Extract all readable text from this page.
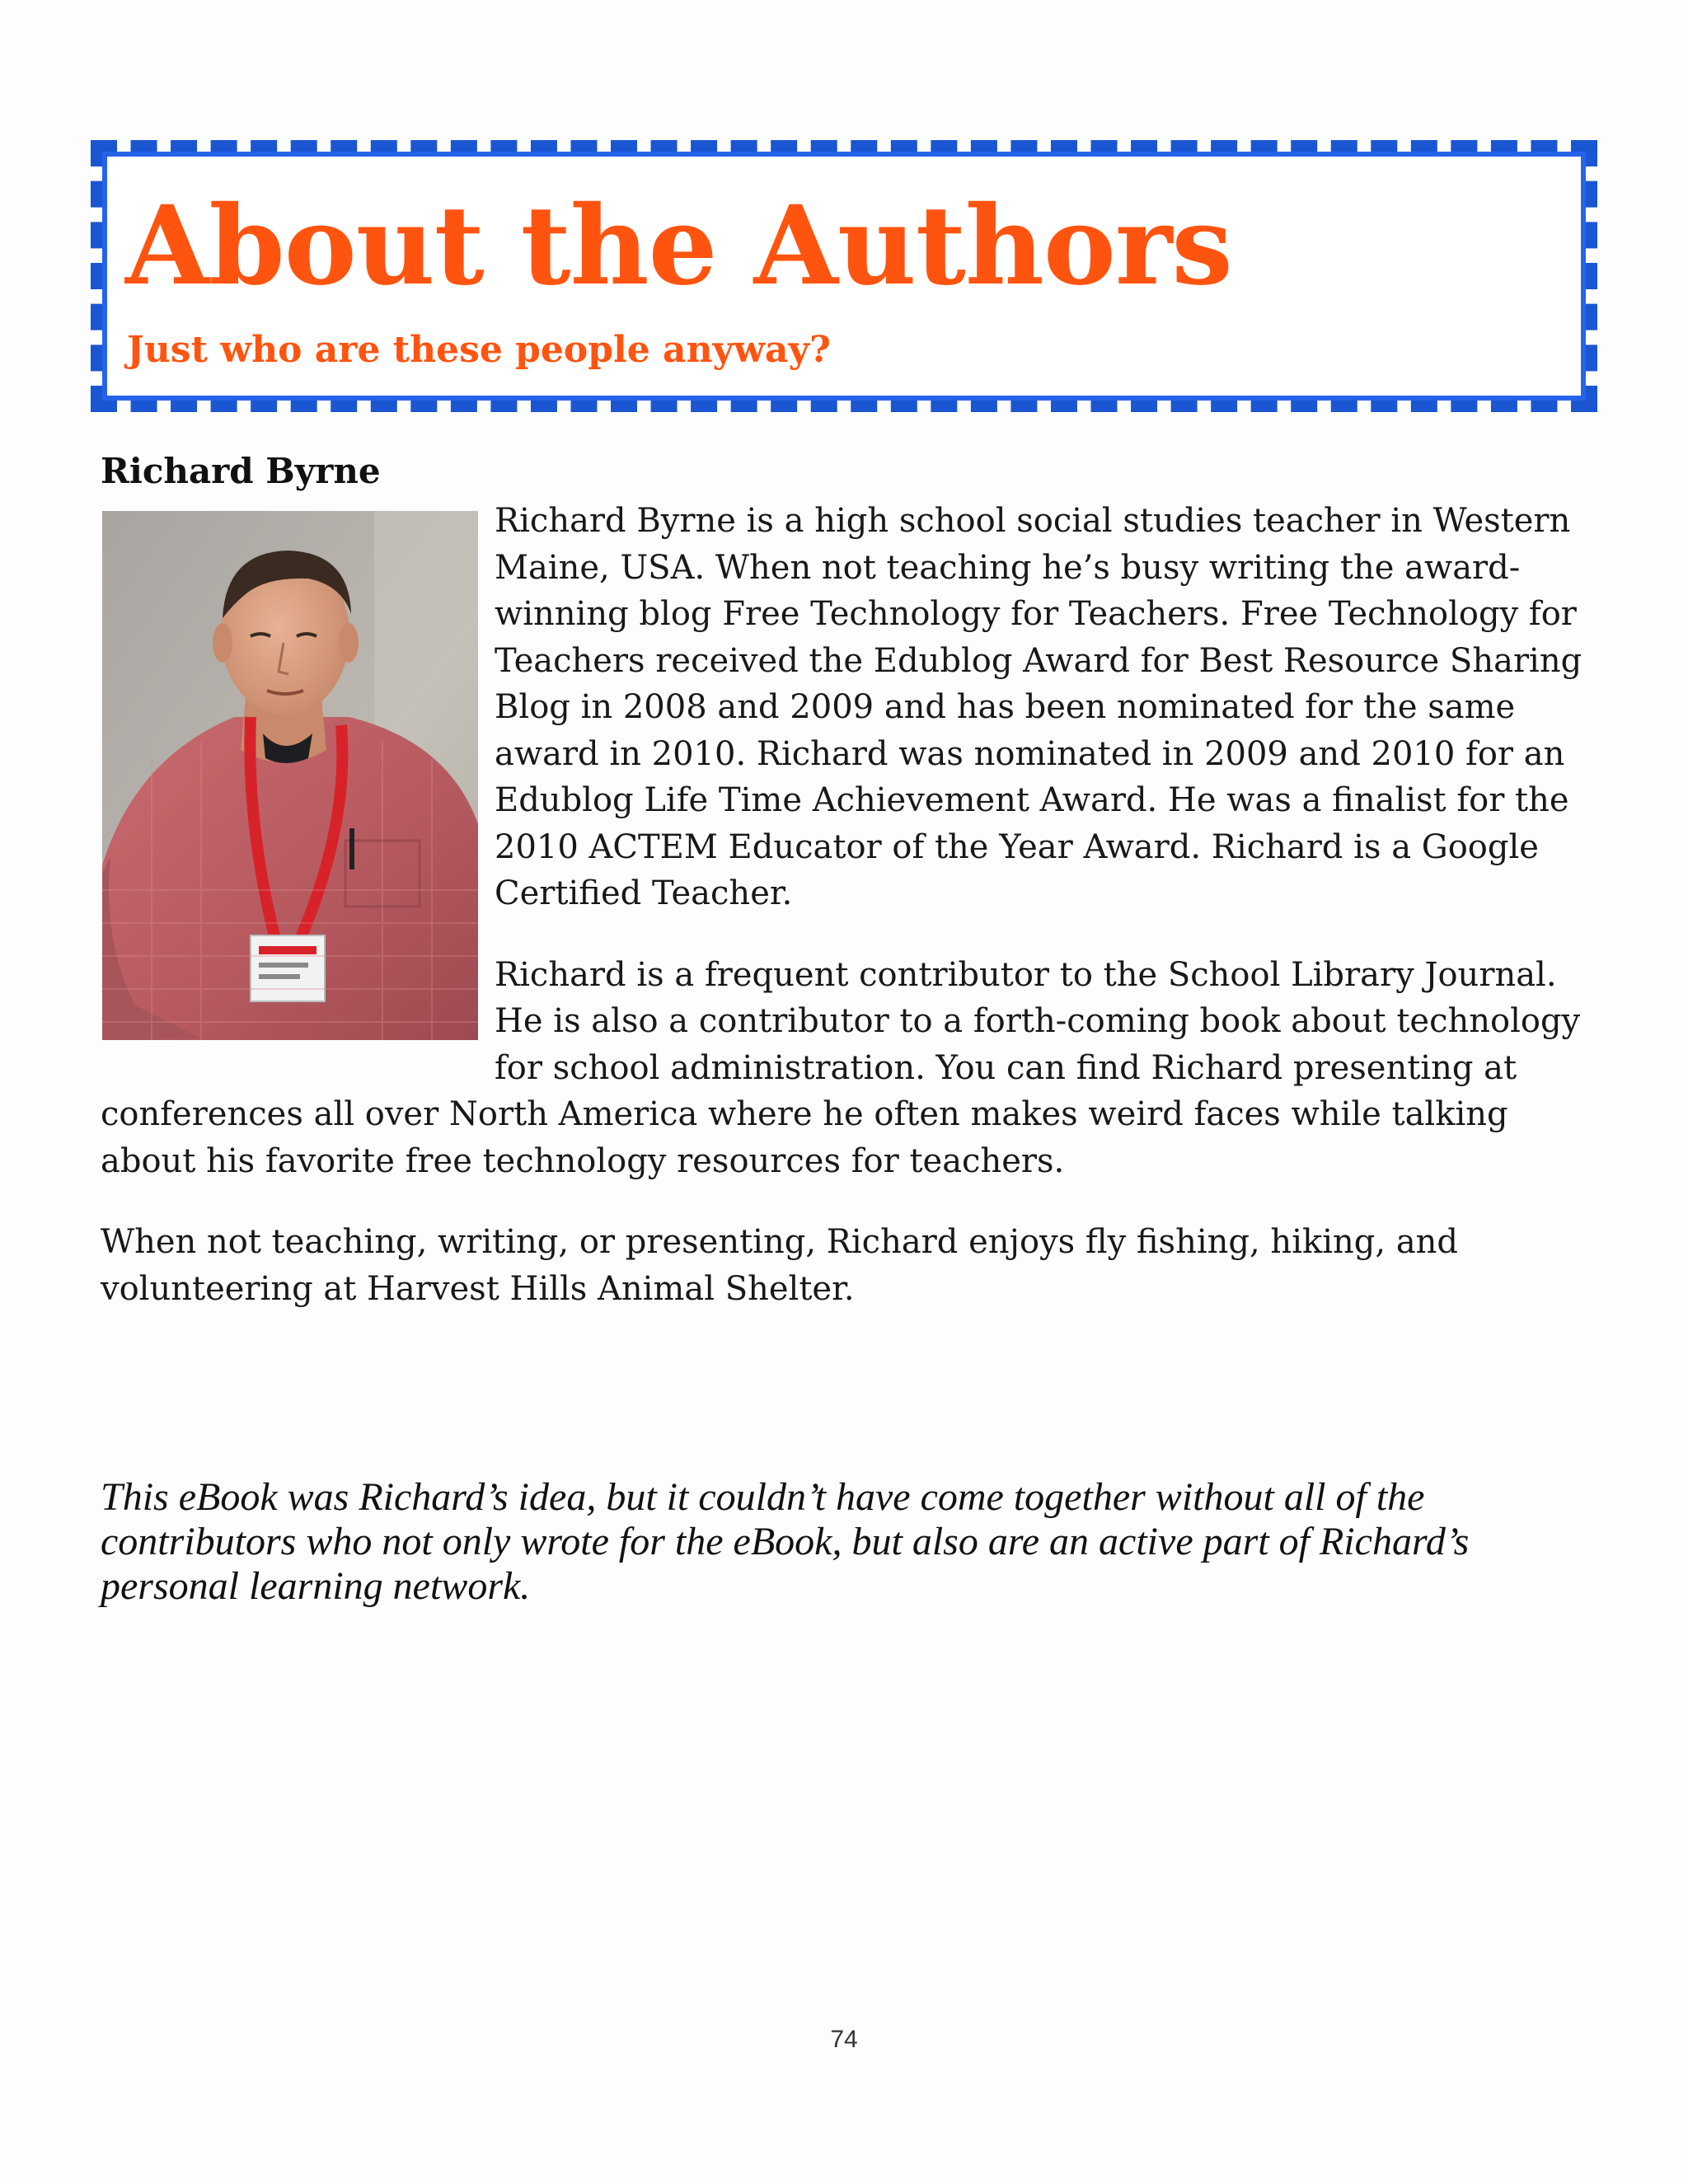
About the Authors
Just who are these people anyway?
Richard Byrne

Richard Byrne is a high school social studies teacher in Western Maine, USA. When not teaching he’s busy writing the award-winning blog Free Technology for Teachers. Free Technology for Teachers received the Edublog Award for Best Resource Sharing Blog in 2008 and 2009 and has been nominated for the same award in 2010. Richard was nominated in 2009 and 2010 for an Edublog Life Time Achievement Award. He was a finalist for the 2010 ACTEM Educator of the Year Award. Richard is a Google Certified Teacher.

Richard is a frequent contributor to the School Library Journal. He is also a contributor to a forth-coming book about technology for school administration. You can find Richard presenting at conferences all over North America where he often makes weird faces while talking about his favorite free technology resources for teachers.

When not teaching, writing, or presenting, Richard enjoys fly fishing, hiking, and volunteering at Harvest Hills Animal Shelter.

This eBook was Richard’s idea, but it couldn’t have come together without all of the contributors who not only wrote for the eBook, but also are an active part of Richard’s personal learning network.

74
